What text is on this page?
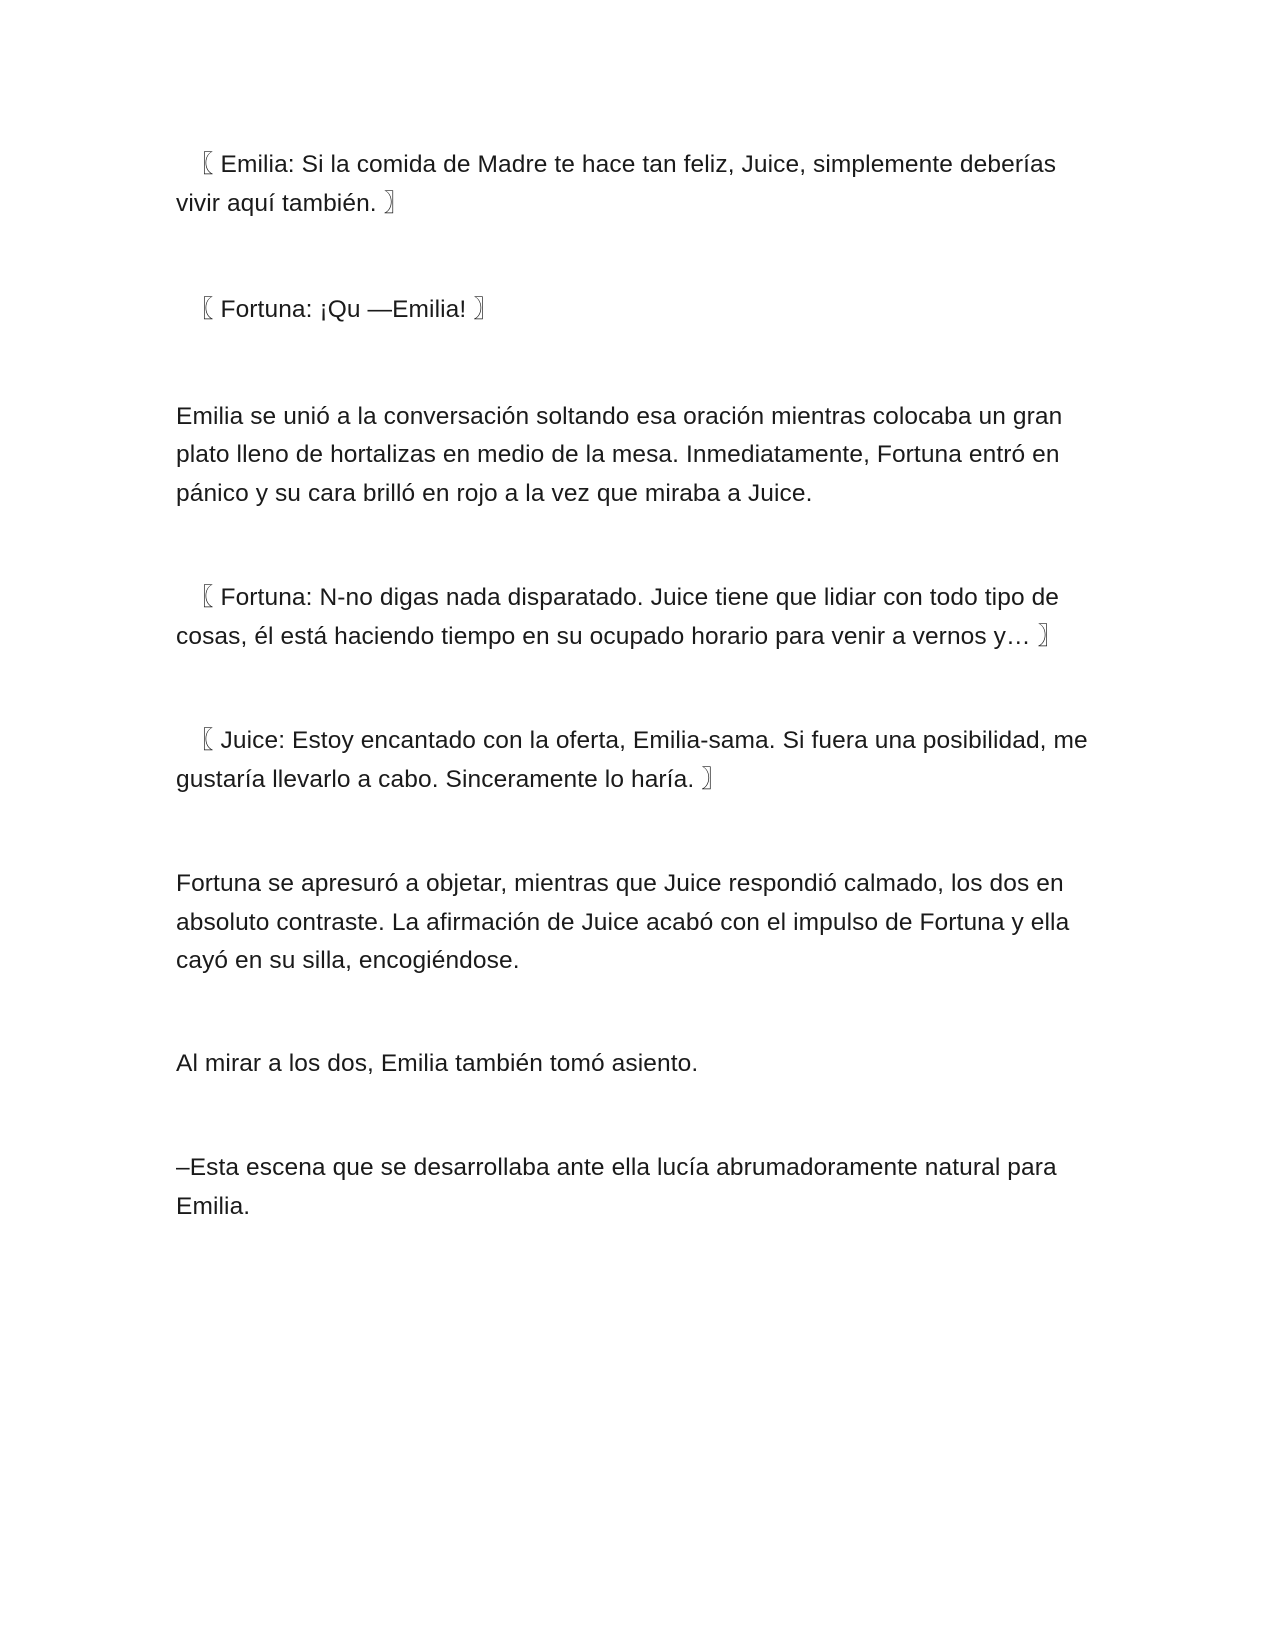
〖 Emilia: Si la comida de Madre te hace tan feliz, Juice, simplemente deberías vivir aquí también. 〗

〖 Fortuna: ¡Qu —Emilia! 〗

Emilia se unió a la conversación soltando esa oración mientras colocaba un gran plato lleno de hortalizas en medio de la mesa. Inmediatamente, Fortuna entró en pánico y su cara brilló en rojo a la vez que miraba a Juice.

〖 Fortuna: N-no digas nada disparatado. Juice tiene que lidiar con todo tipo de cosas, él está haciendo tiempo en su ocupado horario para venir a vernos y… 〗

〖 Juice: Estoy encantado con la oferta, Emilia-sama. Si fuera una posibilidad, me gustaría llevarlo a cabo. Sinceramente lo haría. 〗

Fortuna se apresuró a objetar, mientras que Juice respondió calmado, los dos en absoluto contraste. La afirmación de Juice acabó con el impulso de Fortuna y ella cayó en su silla, encogiéndose.

Al mirar a los dos, Emilia también tomó asiento.

–Esta escena que se desarrollaba ante ella lucía abrumadoramente natural para Emilia.
